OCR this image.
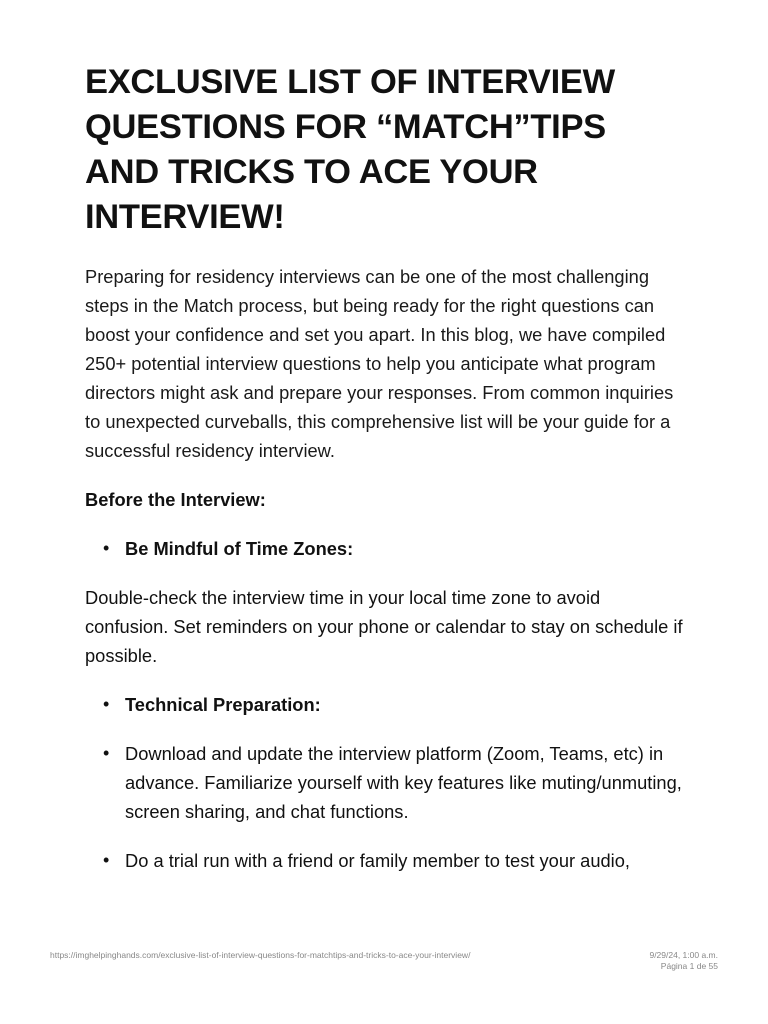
EXCLUSIVE LIST OF INTERVIEW QUESTIONS FOR “MATCH”TIPS AND TRICKS TO ACE YOUR INTERVIEW!

Preparing for residency interviews can be one of the most challenging steps in the Match process, but being ready for the right questions can boost your confidence and set you apart. In this blog, we have compiled 250+ potential interview questions to help you anticipate what program directors might ask and prepare your responses. From common inquiries to unexpected curveballs, this comprehensive list will be your guide for a successful residency interview.

Before the Interview:

• Be Mindful of Time Zones:

Double-check the interview time in your local time zone to avoid confusion. Set reminders on your phone or calendar to stay on schedule if possible.

• Technical Preparation:
• Download and update the interview platform (Zoom, Teams, etc) in advance. Familiarize yourself with key features like muting/unmuting, screen sharing, and chat functions.
• Do a trial run with a friend or family member to test your audio,
https://imghelpinghands.com/exclusive-list-of-interview-questions-for-matchtips-and-tricks-to-ace-your-interview/	9/29/24, 1:00 a.m.
Página 1 de 55
